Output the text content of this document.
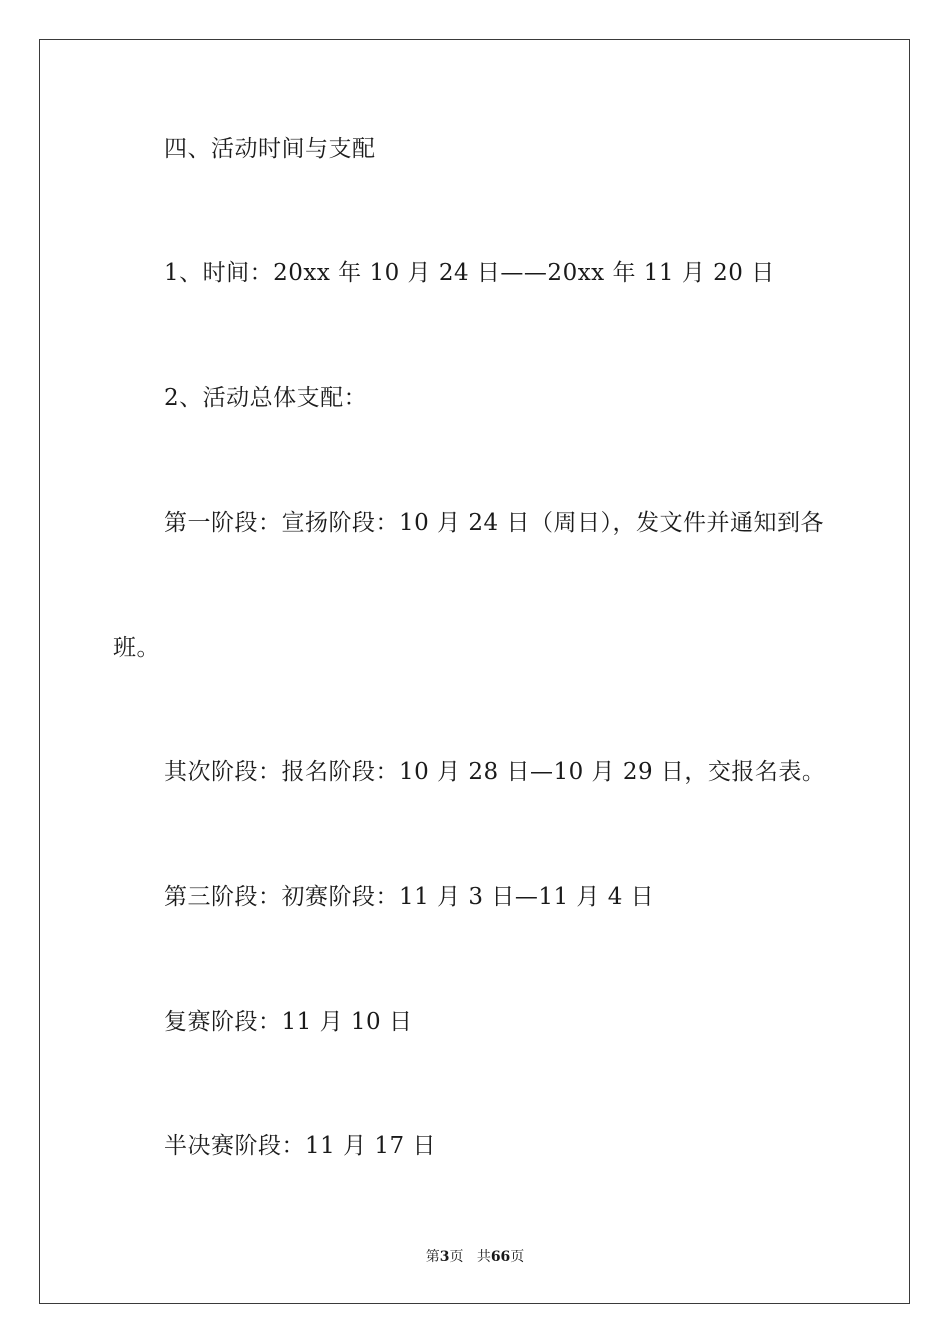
四、活动时间与支配
1、时间：20xx 年 10 月 24 日——20xx 年 11 月 20 日
2、活动总体支配：
第一阶段：宣扬阶段：10 月 24 日（周日），发文件并通知到各
班。
其次阶段：报名阶段：10 月 28 日—10 月 29 日，交报名表。
第三阶段：初赛阶段：11 月 3 日—11 月 4 日
复赛阶段：11 月 10 日
半决赛阶段：11 月 17 日
第3页 共66页
